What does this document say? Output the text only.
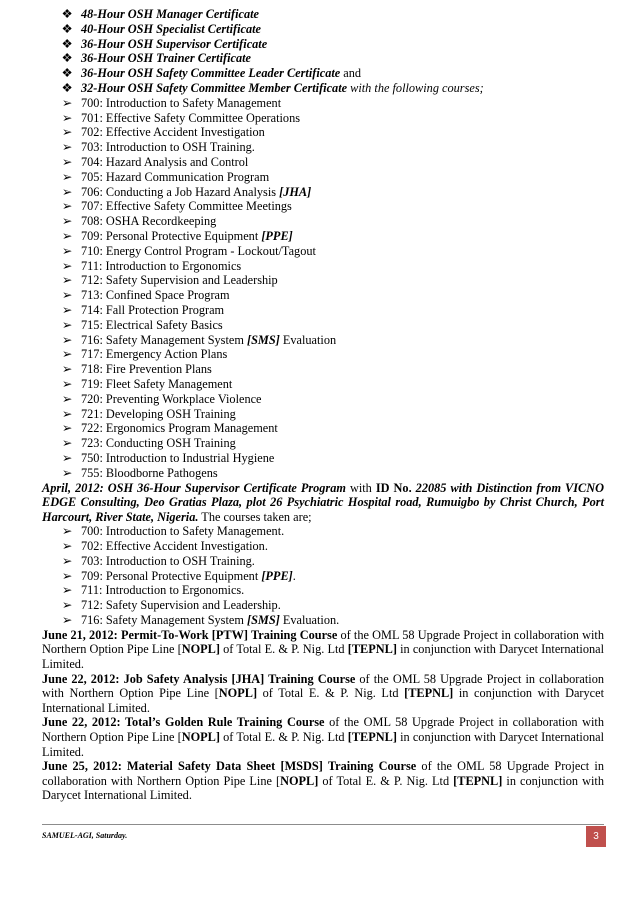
❖ 48-Hour OSH Manager Certificate
❖ 40-Hour OSH Specialist Certificate
❖ 36-Hour OSH Supervisor Certificate
❖ 36-Hour OSH Trainer Certificate
❖ 36-Hour OSH Safety Committee Leader Certificate and
❖ 32-Hour OSH Safety Committee Member Certificate with the following courses;
➢ 700: Introduction to Safety Management
➢ 701: Effective Safety Committee Operations
➢ 702: Effective Accident Investigation
➢ 703: Introduction to OSH Training.
➢ 704: Hazard Analysis and Control
➢ 705: Hazard Communication Program
➢ 706: Conducting a Job Hazard Analysis [JHA]
➢ 707: Effective Safety Committee Meetings
➢ 708: OSHA Recordkeeping
➢ 709: Personal Protective Equipment [PPE]
➢ 710: Energy Control Program - Lockout/Tagout
➢ 711: Introduction to Ergonomics
➢ 712: Safety Supervision and Leadership
➢ 713: Confined Space Program
➢ 714: Fall Protection Program
➢ 715: Electrical Safety Basics
➢ 716: Safety Management System [SMS] Evaluation
➢ 717: Emergency Action Plans
➢ 718: Fire Prevention Plans
➢ 719: Fleet Safety Management
➢ 720: Preventing Workplace Violence
➢ 721: Developing OSH Training
➢ 722: Ergonomics Program Management
➢ 723: Conducting OSH Training
➢ 750: Introduction to Industrial Hygiene
➢ 755: Bloodborne Pathogens

April, 2012: OSH 36-Hour Supervisor Certificate Program with ID No. 22085 with Distinction from VICNO EDGE Consulting, Deo Gratias Plaza, plot 26 Psychiatric Hospital road, Rumuigbo by Christ Church, Port Harcourt, River State, Nigeria. The courses taken are;

➢ 700: Introduction to Safety Management.
➢ 702: Effective Accident Investigation.
➢ 703: Introduction to OSH Training.
➢ 709: Personal Protective Equipment [PPE].
➢ 711: Introduction to Ergonomics.
➢ 712: Safety Supervision and Leadership.
➢ 716: Safety Management System [SMS] Evaluation.

June 21, 2012: Permit-To-Work [PTW] Training Course of the OML 58 Upgrade Project in collaboration with Northern Option Pipe Line [NOPL] of Total E. & P. Nig. Ltd [TEPNL] in conjunction with Darycet International Limited.

June 22, 2012: Job Safety Analysis [JHA] Training Course of the OML 58 Upgrade Project in collaboration with Northern Option Pipe Line [NOPL] of Total E. & P. Nig. Ltd [TEPNL] in conjunction with Darycet International Limited.

June 22, 2012: Total’s Golden Rule Training Course of the OML 58 Upgrade Project in collaboration with Northern Option Pipe Line [NOPL] of Total E. & P. Nig. Ltd [TEPNL] in conjunction with Darycet International Limited.

June 25, 2012: Material Safety Data Sheet [MSDS] Training Course of the OML 58 Upgrade Project in collaboration with Northern Option Pipe Line [NOPL] of Total E. & P. Nig. Ltd [TEPNL] in conjunction with Darycet International Limited.

SAMUEL-AGI, Saturday.	3
